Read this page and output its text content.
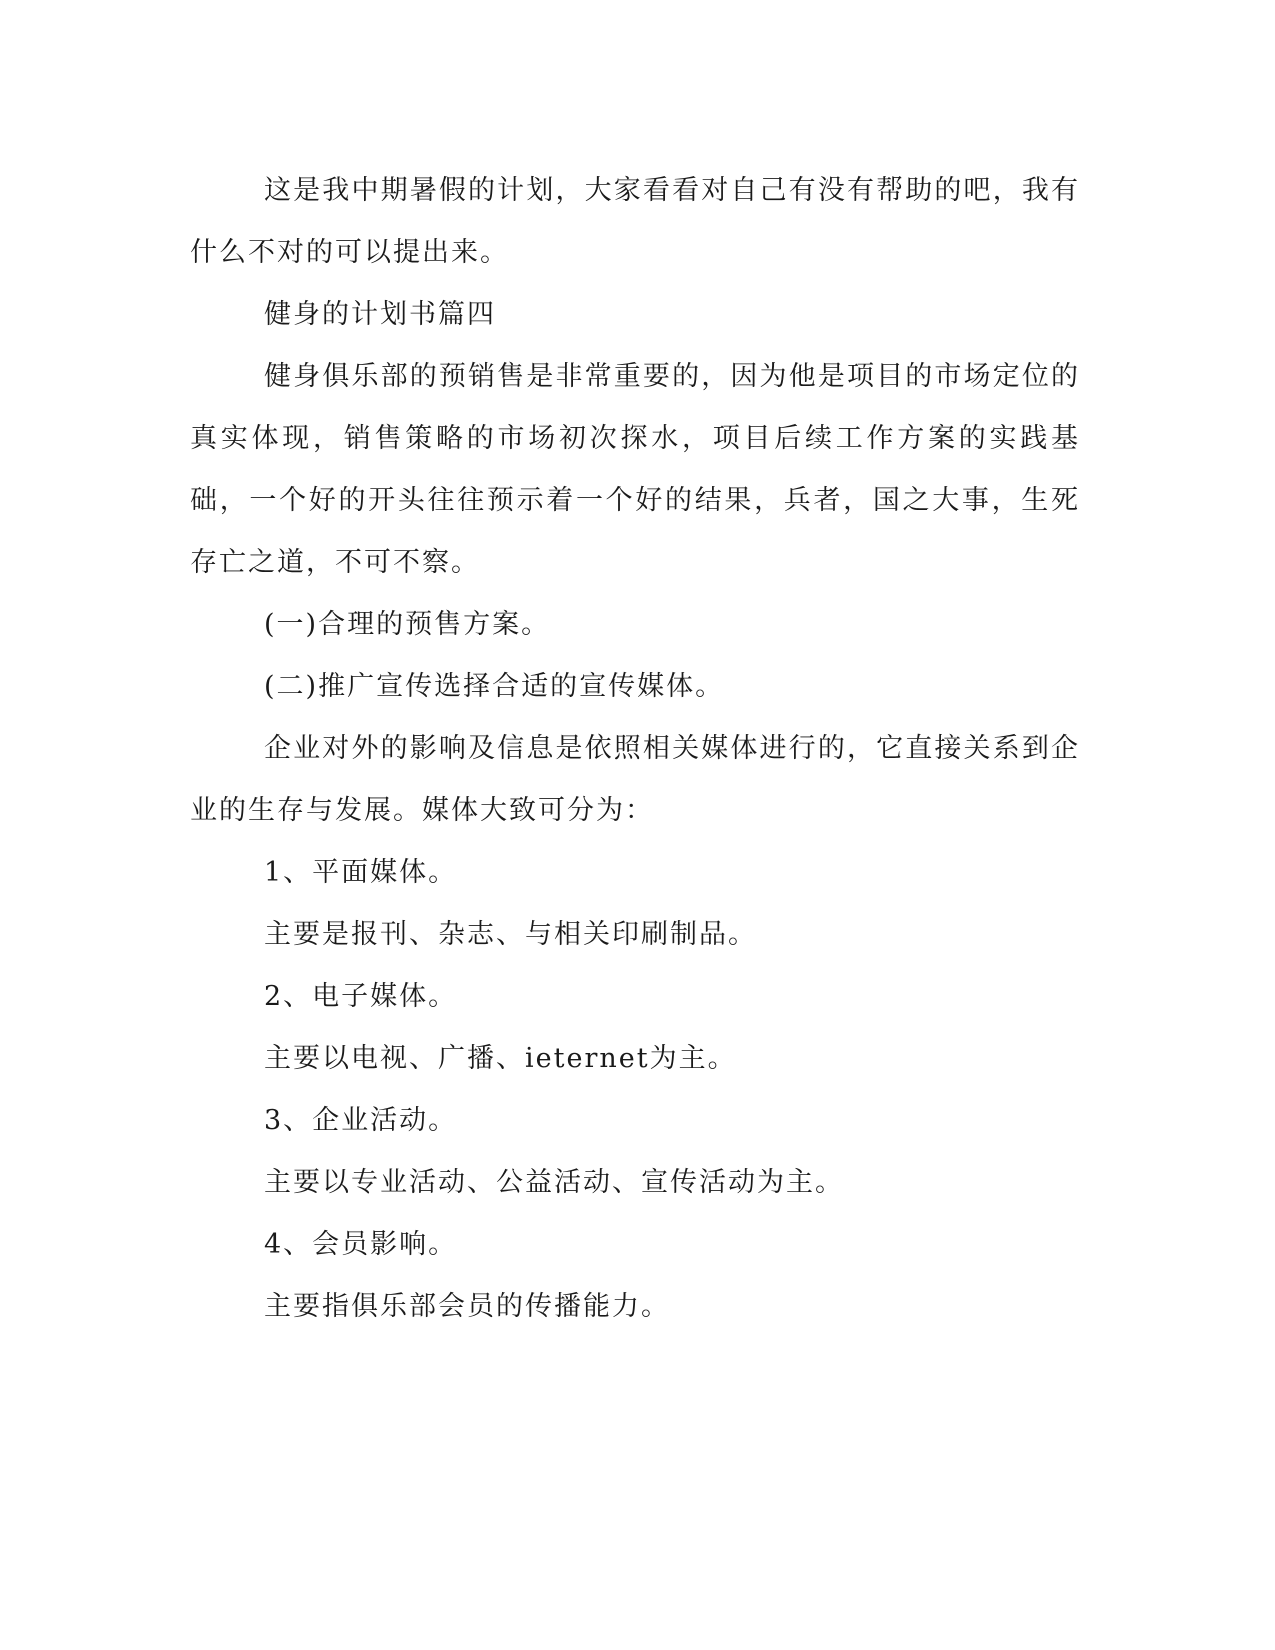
这是我中期暑假的计划，大家看看对自己有没有帮助的吧，我有什么不对的可以提出来。

健身的计划书篇四

健身俱乐部的预销售是非常重要的，因为他是项目的市场定位的真实体现，销售策略的市场初次探水，项目后续工作方案的实践基础，一个好的开头往往预示着一个好的结果，兵者，国之大事，生死存亡之道，不可不察。

(一)合理的预售方案。

(二)推广宣传选择合适的宣传媒体。

企业对外的影响及信息是依照相关媒体进行的，它直接关系到企业的生存与发展。媒体大致可分为：

1、平面媒体。

主要是报刊、杂志、与相关印刷制品。

2、电子媒体。

主要以电视、广播、ieternet为主。

3、企业活动。

主要以专业活动、公益活动、宣传活动为主。

4、会员影响。

主要指俱乐部会员的传播能力。
